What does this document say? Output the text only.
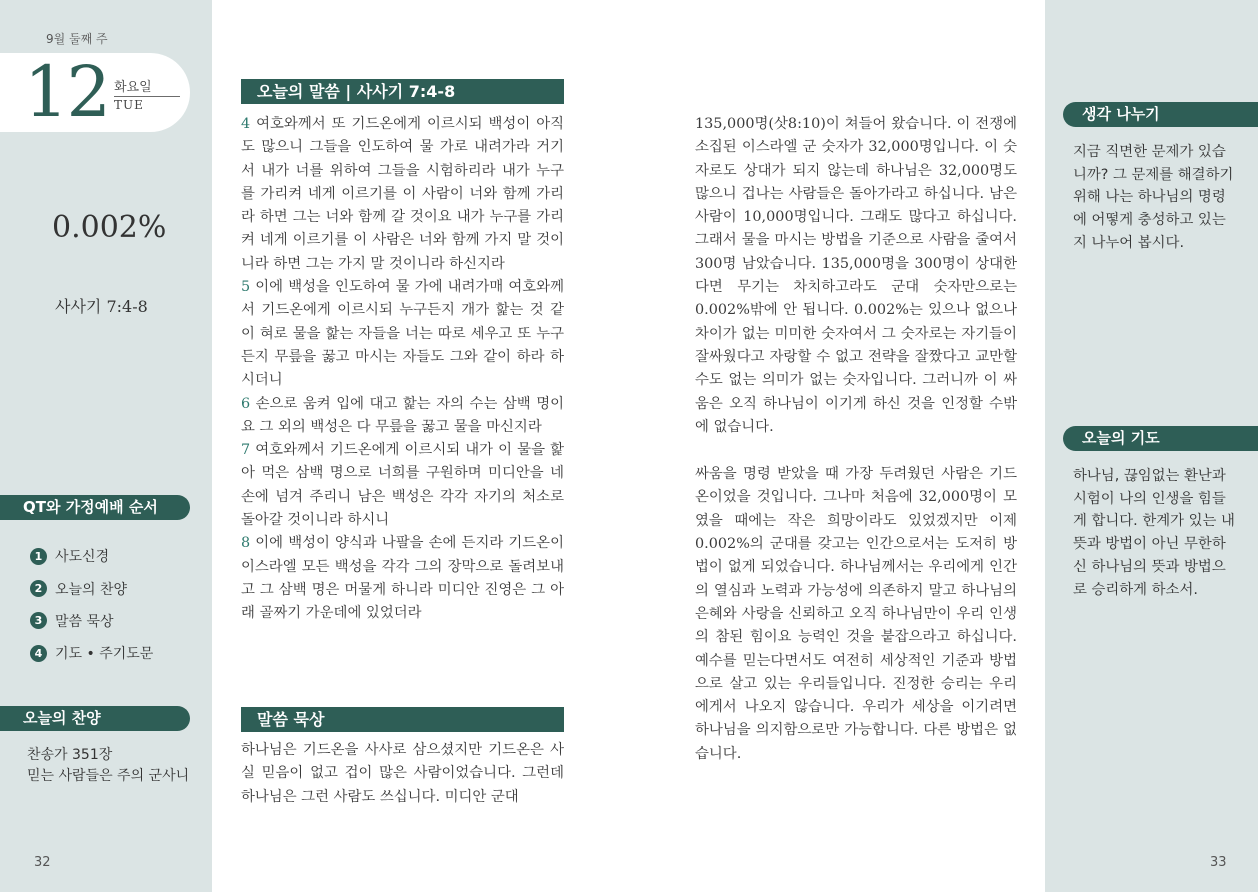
9월 둘째 주
12 화요일
TUE
0.002%
사사기 7:4-8
QT와 가정예배 순서
1 사도신경
2 오늘의 찬양
3 말씀 묵상
4 기도 • 주기도문
오늘의 찬양
찬송가 351장
믿는 사람들은 주의 군사니
32
오늘의 말씀 | 사사기 7:4-8

4 여호와께서 또 기드온에게 이르시되 백성이 아직 도 많으니 그들을 인도하여 물 가로 내려가라 거기서 내가 너를 위하여 그들을 시험하리라 내가 누구를 가리켜 네게 이르기를 이 사람이 너와 함께 가리라 하면 그는 너와 함께 갈 것이요 내가 누구를 가리켜 네게 이르기를 이 사람은 너와 함께 가지 말 것이니라 하면 그는 가지 말 것이니라 하신지라

5 이에 백성을 인도하여 물 가에 내려가매 여호와께서 기드온에게 이르시되 누구든지 개가 핥는 것 같이 혀로 물을 핥는 자들을 너는 따로 세우고 또 누구든지 무릎을 꿇고 마시는 자들도 그와 같이 하라 하시더니

6 손으로 움켜 입에 대고 핥는 자의 수는 삼백 명이요 그 외의 백성은 다 무릎을 꿇고 물을 마신지라

7 여호와께서 기드온에게 이르시되 내가 이 물을 핥아 먹은 삼백 명으로 너희를 구원하며 미디안을 네 손에 넘겨 주리니 남은 백성은 각각 자기의 처소로 돌아갈 것이니라 하시니

8 이에 백성이 양식과 나팔을 손에 든지라 기드온이 이스라엘 모든 백성을 각각 그의 장막으로 돌려보내고 그 삼백 명은 머물게 하니라 미디안 진영은 그 아래 골짜기 가운데에 있었더라

말씀 묵상
하나님은 기드온을 사사로 삼으셨지만 기드온은 사실 믿음이 없고 겁이 많은 사람이었습니다. 그런데 하나님은 그런 사람도 쓰십니다. 미디안 군대

135,000명(삿8:10)이 쳐들어 왔습니다. 이 전쟁에 소집된 이스라엘 군 숫자가 32,000명입니다. 이 숫자로도 상대가 되지 않는데 하나님은 32,000명도 많으니 겁나는 사람들은 돌아가라고 하십니다. 남은 사람이 10,000명입니다. 그래도 많다고 하십니다. 그래서 물을 마시는 방법을 기준으로 사람을 줄여서 300명 남았습니다. 135,000명을 300명이 상대한다면 무기는 차치하고라도 군대 숫자만으로는 0.002%밖에 안 됩니다. 0.002%는 있으나 없으나 차이가 없는 미미한 숫자여서 그 숫자로는 자기들이 잘싸웠다고 자랑할 수 없고 전략을 잘짰다고 교만할 수도 없는 의미가 없는 숫자입니다. 그러니까 이 싸움은 오직 하나님이 이기게 하신 것을 인정할 수밖에 없습니다.

싸움을 명령 받았을 때 가장 두려웠던 사람은 기드온이었을 것입니다. 그나마 처음에 32,000명이 모였을 때에는 작은 희망이라도 있었겠지만 이제 0.002%의 군대를 갖고는 인간으로서는 도저히 방법이 없게 되었습니다. 하나님께서는 우리에게 인간의 열심과 노력과 가능성에 의존하지 말고 하나님의 은혜와 사랑을 신뢰하고 오직 하나님만이 우리 인생의 참된 힘이요 능력인 것을 붙잡으라고 하십니다. 예수를 믿는다면서도 여전히 세상적인 기준과 방법으로 살고 있는 우리들입니다. 진정한 승리는 우리에게서 나오지 않습니다. 우리가 세상을 이기려면 하나님을 의지함으로만 가능합니다. 다른 방법은 없습니다.

생각 나누기
지금 직면한 문제가 있습니까? 그 문제를 해결하기 위해 나는 하나님의 명령에 어떻게 충성하고 있는지 나누어 봅시다.
오늘의 기도
하나님, 끊임없는 환난과 시험이 나의 인생을 힘들게 합니다. 한계가 있는 내 뜻과 방법이 아닌 무한하신 하나님의 뜻과 방법으로 승리하게 하소서.
33
